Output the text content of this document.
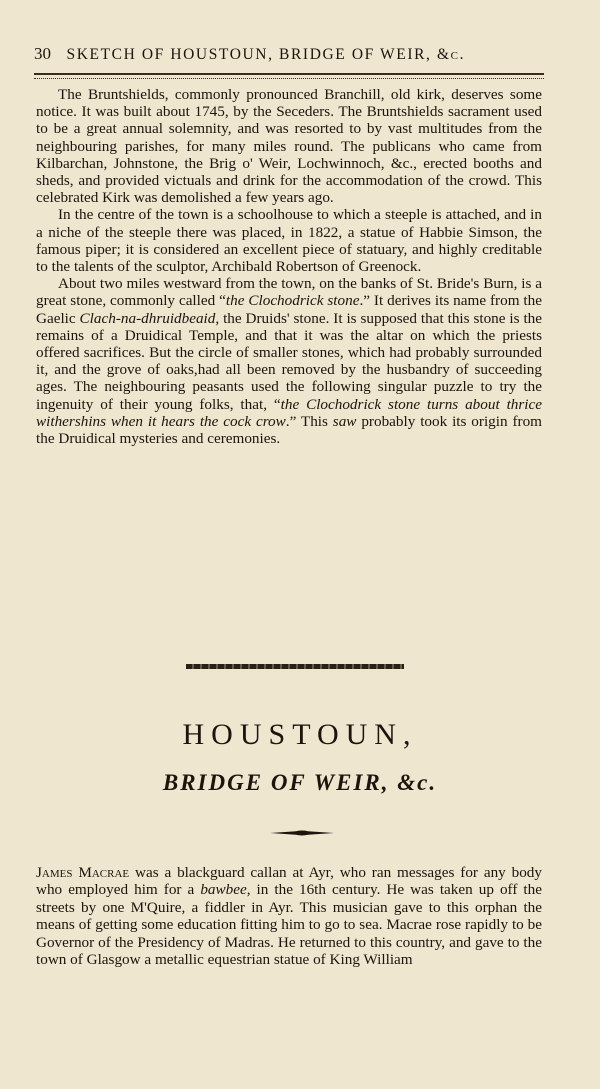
30 SKETCH OF HOUSTOUN, BRIDGE OF WEIR, &c.

The Bruntshields, commonly pronounced Branchill, old kirk, deserves some notice. It was built about 1745, by the Seceders. The Bruntshields sacrament used to be a great annual solemnity, and was resorted to by vast multitudes from the neighbouring parishes, for many miles round. The publicans who came from Kilbarchan, Johnstone, the Brig o' Weir, Lochwinnoch, &c., erected booths and sheds, and provided victuals and drink for the accommodation of the crowd. This celebrated Kirk was demolished a few years ago.

In the centre of the town is a schoolhouse to which a steeple is attached, and in a niche of the steeple there was placed, in 1822, a statue of Habbie Simson, the famous piper; it is considered an excellent piece of statuary, and highly creditable to the talents of the sculptor, Archibald Robertson of Greenock.

About two miles westward from the town, on the banks of St. Bride's Burn, is a great stone, commonly called “the Clochodrick stone.” It derives its name from the Gaelic Clach-na-dhruidbeaid, the Druids' stone. It is supposed that this stone is the remains of a Druidical Temple, and that it was the altar on which the priests offered sacrifices. But the circle of smaller stones, which had probably surrounded it, and the grove of oaks,had all been removed by the husbandry of succeeding ages. The neighbouring peasants used the following singular puzzle to try the ingenuity of their young folks, that, “the Clochodrick stone turns about thrice withershins when it hears the cock crow.” This saw probably took its origin from the Druidical mysteries and ceremonies.

HOUSTOUN,
BRIDGE OF WEIR, &c.

James Macrae was a blackguard callan at Ayr, who ran messages for any body who employed him for a bawbee, in the 16th century. He was taken up off the streets by one M'Quire, a fiddler in Ayr. This musician gave to this orphan the means of getting some education fitting him to go to sea. Macrae rose rapidly to be Governor of the Presidency of Madras. He returned to this country, and gave to the town of Glasgow a metallic equestrian statue of King William
